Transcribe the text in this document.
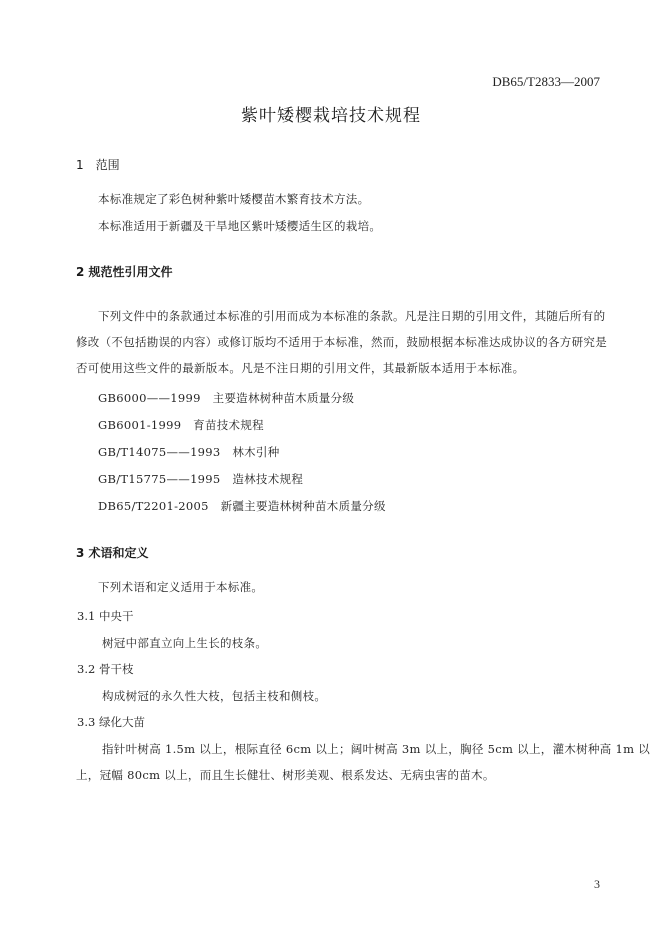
DB65/T2833—2007
紫叶矮樱栽培技术规程
1　范围
本标准规定了彩色树种紫叶矮樱苗木繁育技术方法。
本标准适用于新疆及干旱地区紫叶矮樱适生区的栽培。
2 规范性引用文件
下列文件中的条款通过本标准的引用而成为本标准的条款。凡是注日期的引用文件，其随后所有的
修改（不包括勘误的内容）或修订版均不适用于本标准，然而，鼓励根据本标准达成协议的各方研究是
否可使用这些文件的最新版本。凡是不注日期的引用文件，其最新版本适用于本标准。
GB6000——1999　主要造林树种苗木质量分级
GB6001-1999　育苗技术规程
GB/T14075——1993　林木引种
GB/T15775——1995　造林技术规程
DB65/T2201-2005　新疆主要造林树种苗木质量分级
3 术语和定义
下列术语和定义适用于本标准。
3.1 中央干
树冠中部直立向上生长的枝条。
3.2 骨干枝
构成树冠的永久性大枝，包括主枝和侧枝。
3.3 绿化大苗
指针叶树高 1.5m 以上，根际直径 6cm 以上；阔叶树高 3m 以上，胸径 5cm 以上，灌木树种高 1m 以
上，冠幅 80cm 以上，而且生长健壮、树形美观、根系发达、无病虫害的苗木。
3
